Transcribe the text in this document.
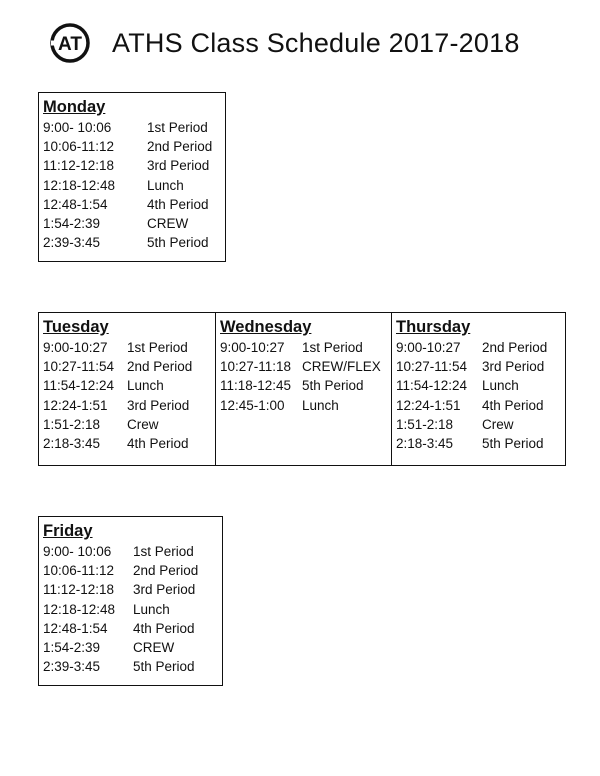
AT ATHS Class Schedule 2017-2018
Monday
9:00- 10:06	1st Period
10:06-11:12	2nd Period
11:12-12:18	3rd Period
12:18-12:48	Lunch
12:48-1:54	4th Period
1:54-2:39	CREW
2:39-3:45	5th Period
Tuesday
9:00-10:27	1st Period
10:27-11:54 2nd Period
11:54-12:24 Lunch
12:24-1:51	3rd Period
1:51-2:18	Crew
2:18-3:45	4th Period
Wednesday
9:00-10:27	1st Period
10:27-11:18 CREW/FLEX
11:18-12:45 5th Period
12:45-1:00	Lunch
Thursday
9:00-10:27	2nd Period
10:27-11:54	3rd Period
11:54-12:24	Lunch
12:24-1:51	4th Period
1:51-2:18	Crew
2:18-3:45	5th Period
Friday
9:00- 10:06	1st Period
10:06-11:12	2nd Period
11:12-12:18	3rd Period
12:18-12:48	Lunch
12:48-1:54	4th Period
1:54-2:39	CREW
2:39-3:45	5th Period
